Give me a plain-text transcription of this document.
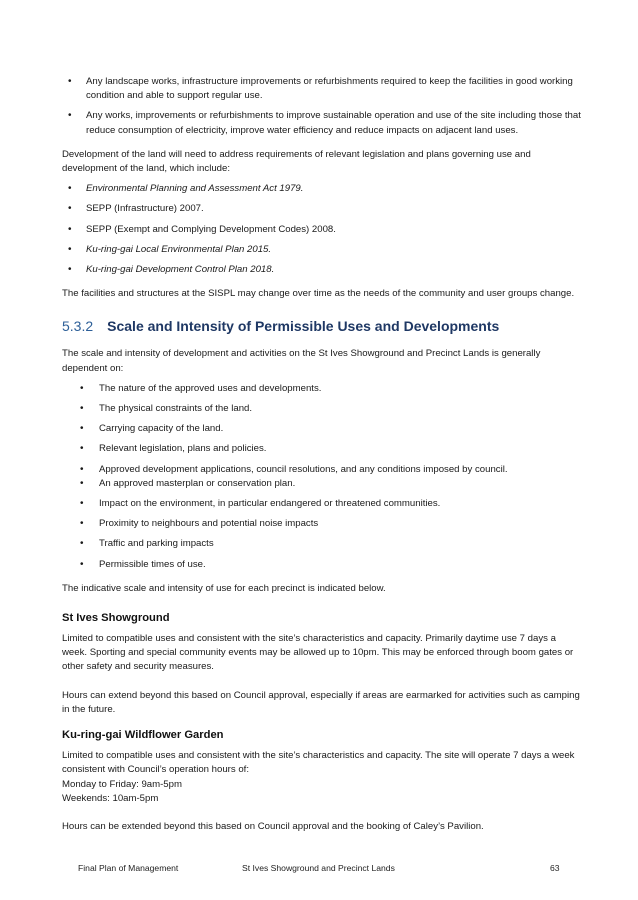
• Any landscape works, infrastructure improvements or refurbishments required to keep the facilities in good working condition and able to support regular use.
• Any works, improvements or refurbishments to improve sustainable operation and use of the site including those that reduce consumption of electricity, improve water efficiency and reduce impacts on adjacent land uses.

Development of the land will need to address requirements of relevant legislation and plans governing use and development of the land, which include:

• Environmental Planning and Assessment Act 1979.
• SEPP (Infrastructure) 2007.
• SEPP (Exempt and Complying Development Codes) 2008.
• Ku-ring-gai Local Environmental Plan 2015.
• Ku-ring-gai Development Control Plan 2018.

The facilities and structures at the SISPL may change over time as the needs of the community and user groups change.

5.3.2 Scale and Intensity of Permissible Uses and Developments

The scale and intensity of development and activities on the St Ives Showground and Precinct Lands is generally dependent on:

• The nature of the approved uses and developments.
• The physical constraints of the land.
• Carrying capacity of the land.
• Relevant legislation, plans and policies.
• Approved development applications, council resolutions, and any conditions imposed by council.
• An approved masterplan or conservation plan.
• Impact on the environment, in particular endangered or threatened communities.
• Proximity to neighbours and potential noise impacts
• Traffic and parking impacts
• Permissible times of use.

The indicative scale and intensity of use for each precinct is indicated below.

St Ives Showground

Limited to compatible uses and consistent with the site’s characteristics and capacity. Primarily daytime use 7 days a week. Sporting and special community events may be allowed up to 10pm. This may be enforced through boom gates or other safety and security measures.

Hours can extend beyond this based on Council approval, especially if areas are earmarked for activities such as camping in the future.

Ku-ring-gai Wildflower Garden

Limited to compatible uses and consistent with the site’s characteristics and capacity. The site will operate 7 days a week consistent with Council’s operation hours of:

Monday to Friday: 9am-5pm

Weekends: 10am-5pm

Hours can be extended beyond this based on Council approval and the booking of Caley’s Pavilion.

Final Plan of Management	St Ives Showground and Precinct Lands	63
